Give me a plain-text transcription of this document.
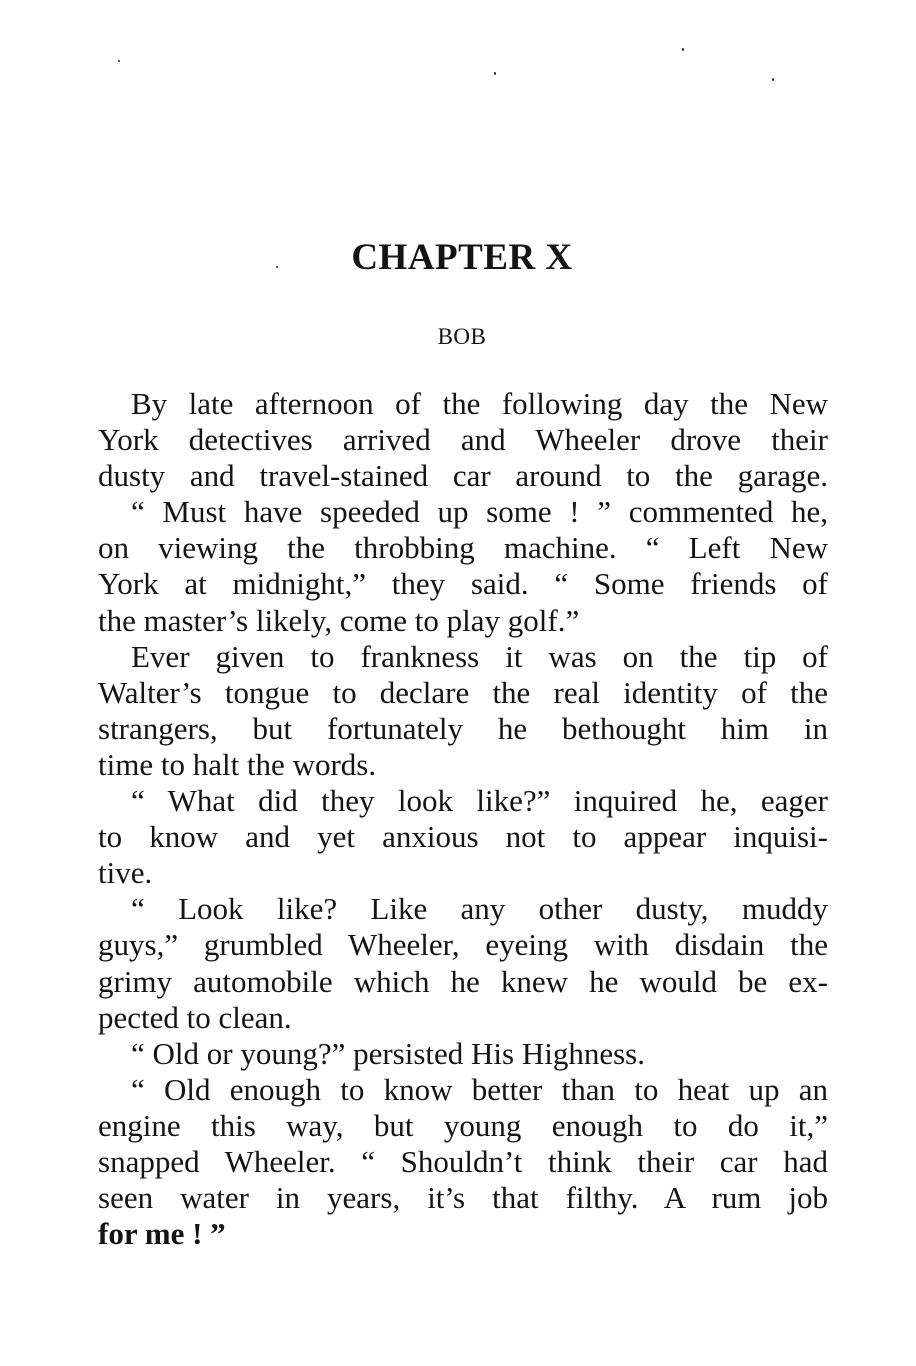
CHAPTER X
BOB

By late afternoon of the following day the New
York detectives arrived and Wheeler drove their
dusty and travel-stained car around to the garage.

“ Must have speeded up some ! ” commented he,
on viewing the throbbing machine. “ Left New
York at midnight,” they said. “ Some friends of
the master’s likely, come to play golf.”

Ever given to frankness it was on the tip of
Walter’s tongue to declare the real identity of the
strangers, but fortunately he bethought him in
time to halt the words.

“ What did they look like?” inquired he, eager
to know and yet anxious not to appear inquisi-
tive.

“ Look like? Like any other dusty, muddy
guys,” grumbled Wheeler, eyeing with disdain the
grimy automobile which he knew he would be ex-
pected to clean.

“ Old or young?” persisted His Highness.

“ Old enough to know better than to heat up an
engine this way, but young enough to do it,”
snapped Wheeler. “ Shouldn’t think their car had
seen water in years, it’s that filthy. A rum job
for me ! ”
